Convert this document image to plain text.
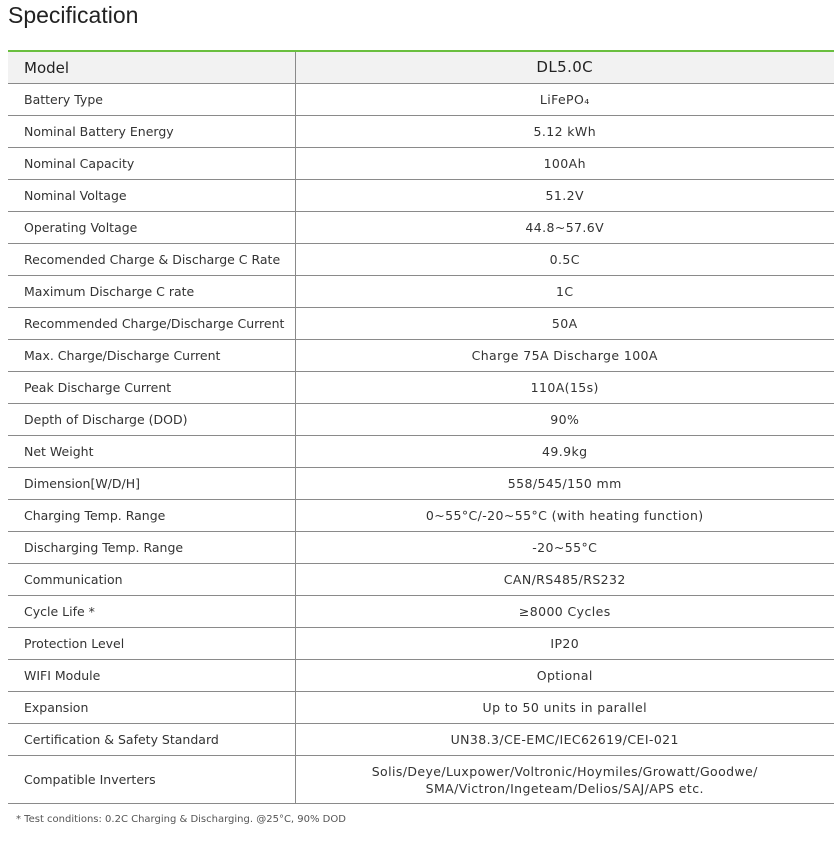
Specification
Model	DL5.0C
Battery Type	LiFePO₄
Nominal Battery Energy	5.12 kWh
Nominal Capacity	100Ah
Nominal Voltage	51.2V
Operating Voltage	44.8~57.6V
Recomended Charge & Discharge C Rate	0.5C
Maximum Discharge C rate	1C
Recommended Charge/Discharge Current	50A
Max. Charge/Discharge Current	Charge 75A Discharge 100A
Peak Discharge Current	110A(15s)
Depth of Discharge (DOD)	90%
Net Weight	49.9kg
Dimension[W/D/H]	558/545/150 mm
Charging Temp. Range	0~55°C/-20~55°C (with heating function)
Discharging Temp. Range	-20~55°C
Communication	CAN/RS485/RS232
Cycle Life *	≥8000 Cycles
Protection Level	IP20
WIFI Module	Optional
Expansion	Up to 50 units in parallel
Certification & Safety Standard	UN38.3/CE-EMC/IEC62619/CEI-021
Compatible Inverters	Solis/Deye/Luxpower/Voltronic/Hoymiles/Growatt/Goodwe/
SMA/Victron/Ingeteam/Delios/SAJ/APS etc.
* Test conditions: 0.2C Charging & Discharging. @25°C, 90% DOD
